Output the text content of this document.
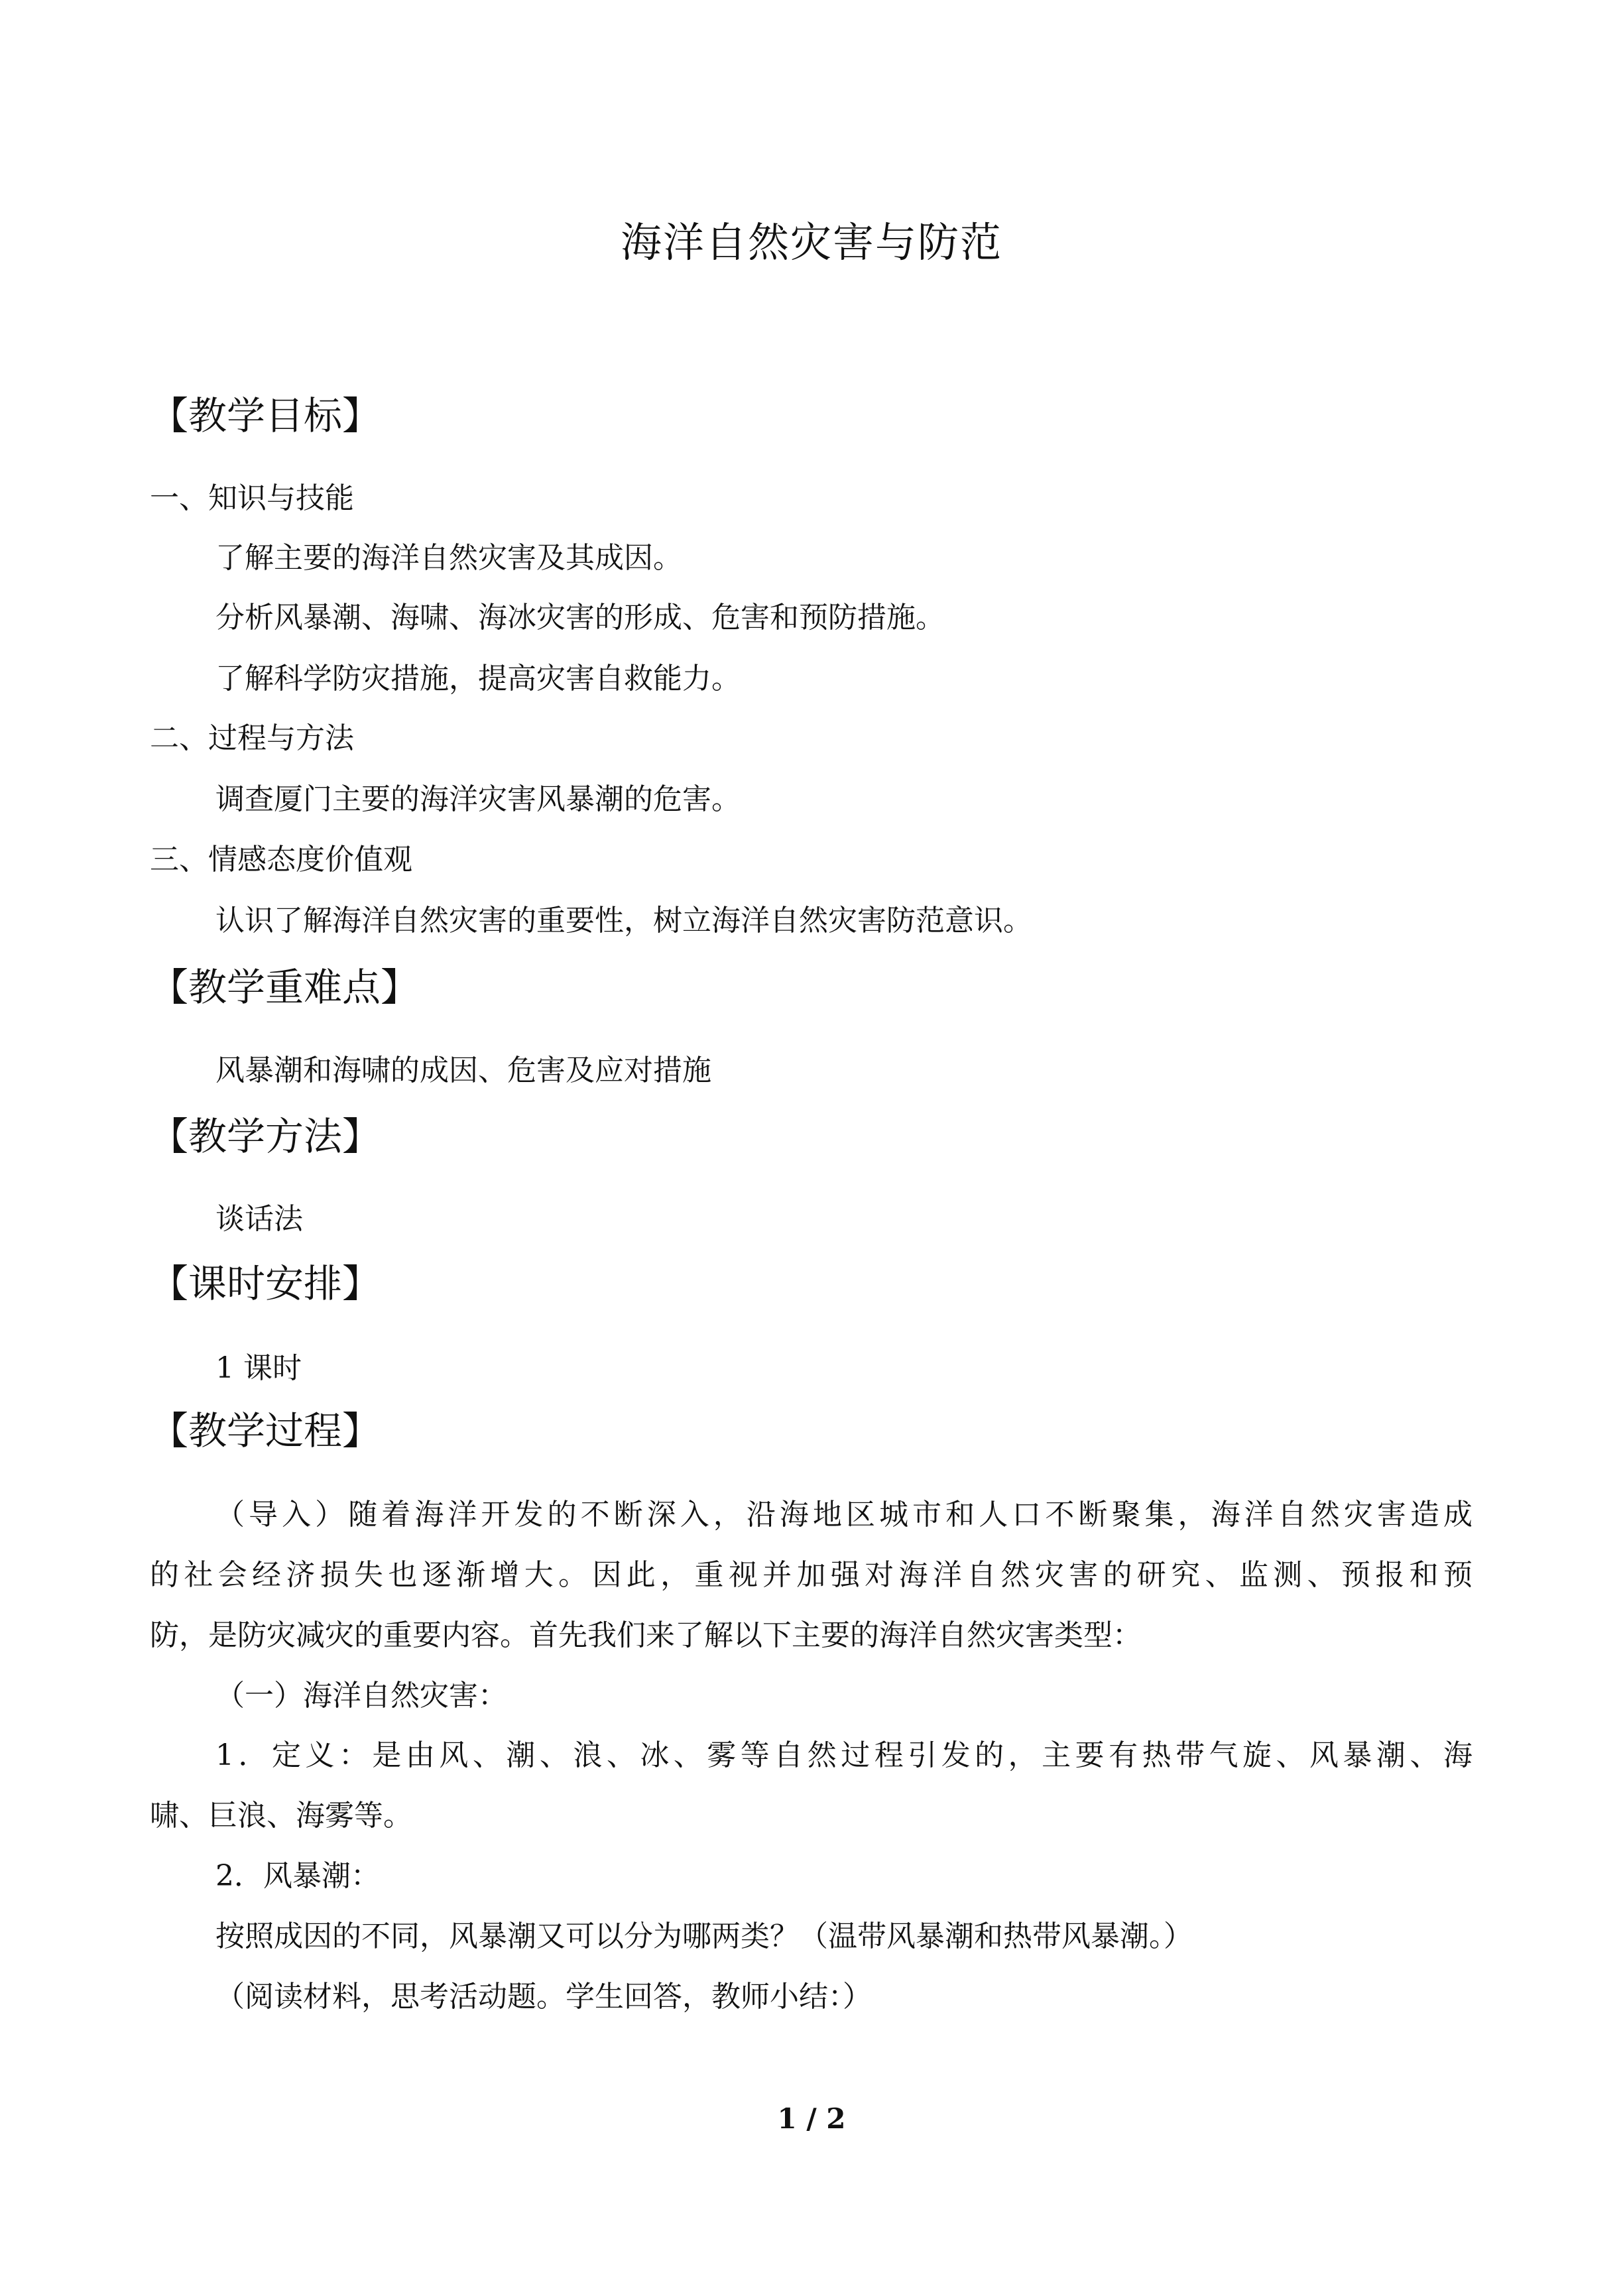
海洋自然灾害与防范
【教学目标】
一、知识与技能
了解主要的海洋自然灾害及其成因。
分析风暴潮、海啸、海冰灾害的形成、危害和预防措施。
了解科学防灾措施，提高灾害自救能力。
二、过程与方法
调查厦门主要的海洋灾害风暴潮的危害。
三、情感态度价值观
认识了解海洋自然灾害的重要性，树立海洋自然灾害防范意识。
【教学重难点】
风暴潮和海啸的成因、危害及应对措施
【教学方法】
谈话法
【课时安排】
1 课时
【教学过程】
（导入）随着海洋开发的不断深入，沿海地区城市和人口不断聚集，海洋自然灾害造成
的社会经济损失也逐渐增大。因此，重视并加强对海洋自然灾害的研究、监测、预报和预
防，是防灾减灾的重要内容。首先我们来了解以下主要的海洋自然灾害类型：
（一）海洋自然灾害：
1．定义：是由风、潮、浪、冰、雾等自然过程引发的，主要有热带气旋、风暴潮、海
啸、巨浪、海雾等。
2．风暴潮：
按照成因的不同，风暴潮又可以分为哪两类？（温带风暴潮和热带风暴潮。）
（阅读材料，思考活动题。学生回答，教师小结：）
1 / 2
